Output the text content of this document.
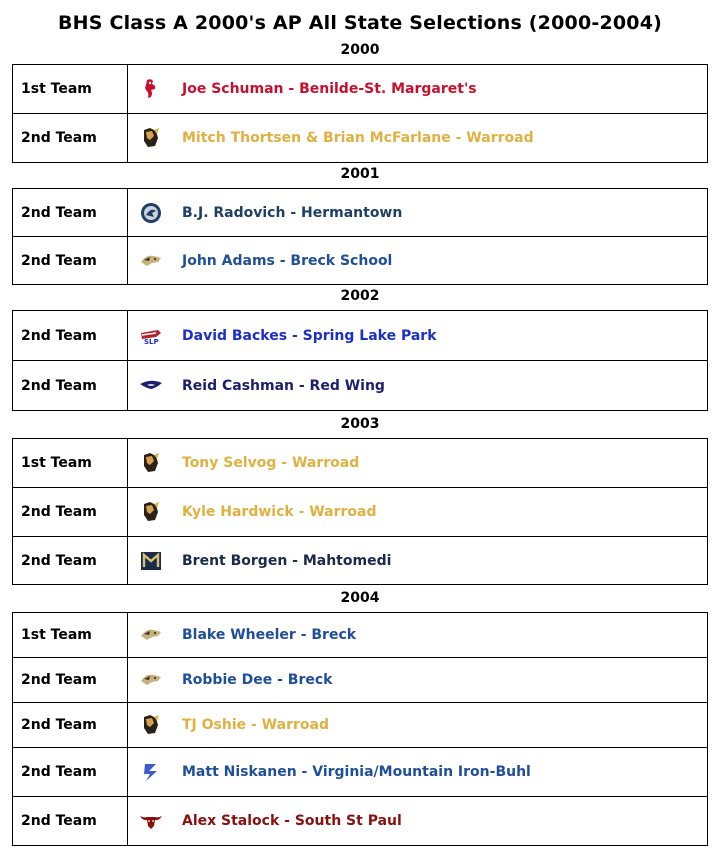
BHS Class A 2000's AP All State Selections (2000-2004)
2000
1st Team	Joe Schuman - Benilde-St. Margaret's

2nd Team	Mitch Thortsen & Brian McFarlane - Warroad
2001
2nd Team	B.J. Radovich - Hermantown

2nd Team	John Adams - Breck School
2002
2nd Team	SLP David Backes - Spring Lake Park

2nd Team	Reid Cashman - Red Wing
2003
1st Team	Tony Selvog - Warroad

2nd Team	Kyle Hardwick - Warroad

2nd Team	Brent Borgen - Mahtomedi
2004
1st Team	Blake Wheeler - Breck

2nd Team	Robbie Dee - Breck

2nd Team	TJ Oshie - Warroad

2nd Team	Matt Niskanen - Virginia/Mountain Iron-Buhl

2nd Team	Alex Stalock - South St Paul
